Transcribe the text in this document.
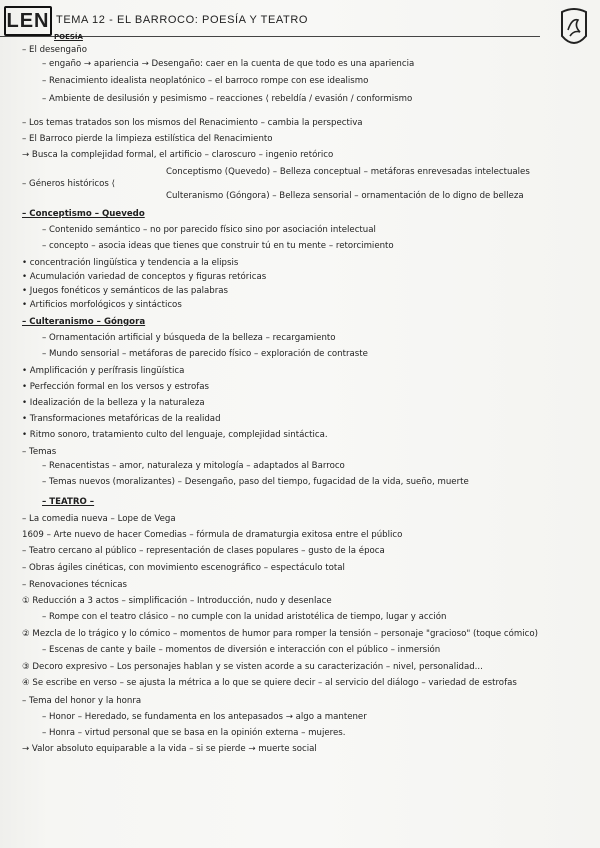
LEN TEMA 12 - EL BARROCO: POESÍA Y TEATRO
POESÍA
– El desengaño
– engaño → apariencia → Desengaño: caer en la cuenta de que todo es una apariencia
– Renacimiento idealista neoplatónico – el barroco rompe con ese idealismo
– Ambiente de desilusión y pesimismo – reacciones ⟨ rebeldía / evasión / conformismo
– Los temas tratados son los mismos del Renacimiento – cambia la perspectiva
– El Barroco pierde la limpieza estilística del Renacimiento
→ Busca la complejidad formal, el artificio – claroscuro – ingenio retórico
Conceptismo (Quevedo) – Belleza conceptual – metáforas enrevesadas intelectuales
– Géneros históricos ⟨
Culteranismo (Góngora) – Belleza sensorial – ornamentación de lo digno de belleza
– Conceptismo – Quevedo
– Contenido semántico – no por parecido físico sino por asociación intelectual
– concepto – asocia ideas que tienes que construir tú en tu mente – retorcimiento
• concentración lingüística y tendencia a la elipsis
• Acumulación variedad de conceptos y figuras retóricas
• Juegos fonéticos y semánticos de las palabras
• Artificios morfológicos y sintácticos
– Culteranismo – Góngora
– Ornamentación artificial y búsqueda de la belleza – recargamiento
– Mundo sensorial – metáforas de parecido físico – exploración de contraste
• Amplificación y perífrasis lingüística
• Perfección formal en los versos y estrofas
• Idealización de la belleza y la naturaleza
• Transformaciones metafóricas de la realidad
• Ritmo sonoro, tratamiento culto del lenguaje, complejidad sintáctica.
– Temas
– Renacentistas – amor, naturaleza y mitología – adaptados al Barroco
– Temas nuevos (moralizantes) – Desengaño, paso del tiempo, fugacidad de la vida, sueño, muerte
– TEATRO –
– La comedia nueva – Lope de Vega
1609 – Arte nuevo de hacer Comedias – fórmula de dramaturgia exitosa entre el público
– Teatro cercano al público – representación de clases populares – gusto de la época
– Obras ágiles cinéticas, con movimiento escenográfico – espectáculo total
– Renovaciones técnicas
① Reducción a 3 actos – simplificación – Introducción, nudo y desenlace
– Rompe con el teatro clásico – no cumple con la unidad aristotélica de tiempo, lugar y acción
② Mezcla de lo trágico y lo cómico – momentos de humor para romper la tensión – personaje "gracioso" (toque cómico)
– Escenas de cante y baile – momentos de diversión e interacción con el público – inmersión
③ Decoro expresivo – Los personajes hablan y se visten acorde a su caracterización – nivel, personalidad...
④ Se escribe en verso – se ajusta la métrica a lo que se quiere decir – al servicio del diálogo – variedad de estrofas
– Tema del honor y la honra
– Honor – Heredado, se fundamenta en los antepasados → algo a mantener
– Honra – virtud personal que se basa en la opinión externa – mujeres.
→ Valor absoluto equiparable a la vida – si se pierde → muerte social
